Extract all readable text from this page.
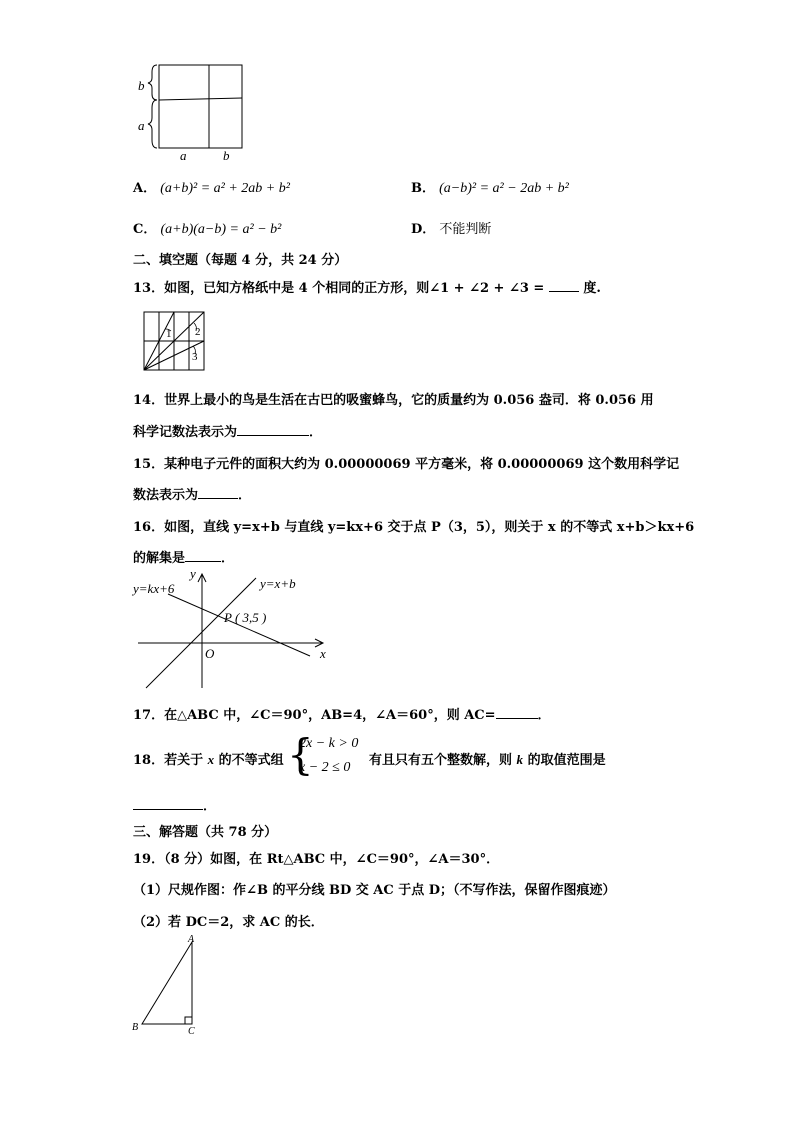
b
a
a	b
A． (a+b)² = a² + 2ab + b²	B． (a−b)² = a² − 2ab + b²
C． (a+b)(a−b) = a² − b²	D． 不能判断
二、填空题（每题 4 分，共 24 分）
13．如图，已知方格纸中是 4 个相同的正方形，则∠1 + ∠2 + ∠3 =	度.
1 2
3
14．世界上最小的鸟是生活在古巴的吸蜜蜂鸟，它的质量约为 0.056 盎司．将 0.056 用
科学记数法表示为	．
15．某种电子元件的面积大约为 0.00000069 平方毫米，将 0.00000069 这个数用科学记
数法表示为	．
16．如图，直线 y=x+b 与直线 y=kx+6 交于点 P（3，5），则关于 x 的不等式 x+b＞kx+6
的解集是	．
y
x
O
P ( 3,5 )
y=kx+6	y=x+b
17．在△ABC 中，∠C＝90°，AB=4，∠A＝60°，则 AC=	．
18．若关于 x 的不等式组 {
2x − k > 0
x − 2 ≤ 0 有且只有五个整数解，则 k 的取值范围是
．
三、解答题（共 78 分）
19．（8 分）如图，在 Rt△ABC 中，∠C＝90°，∠A＝30°．
（1）尺规作图：作∠B 的平分线 BD 交 AC 于点 D；（不写作法，保留作图痕迹）
（2）若 DC＝2，求 AC 的长．
A
B	C
